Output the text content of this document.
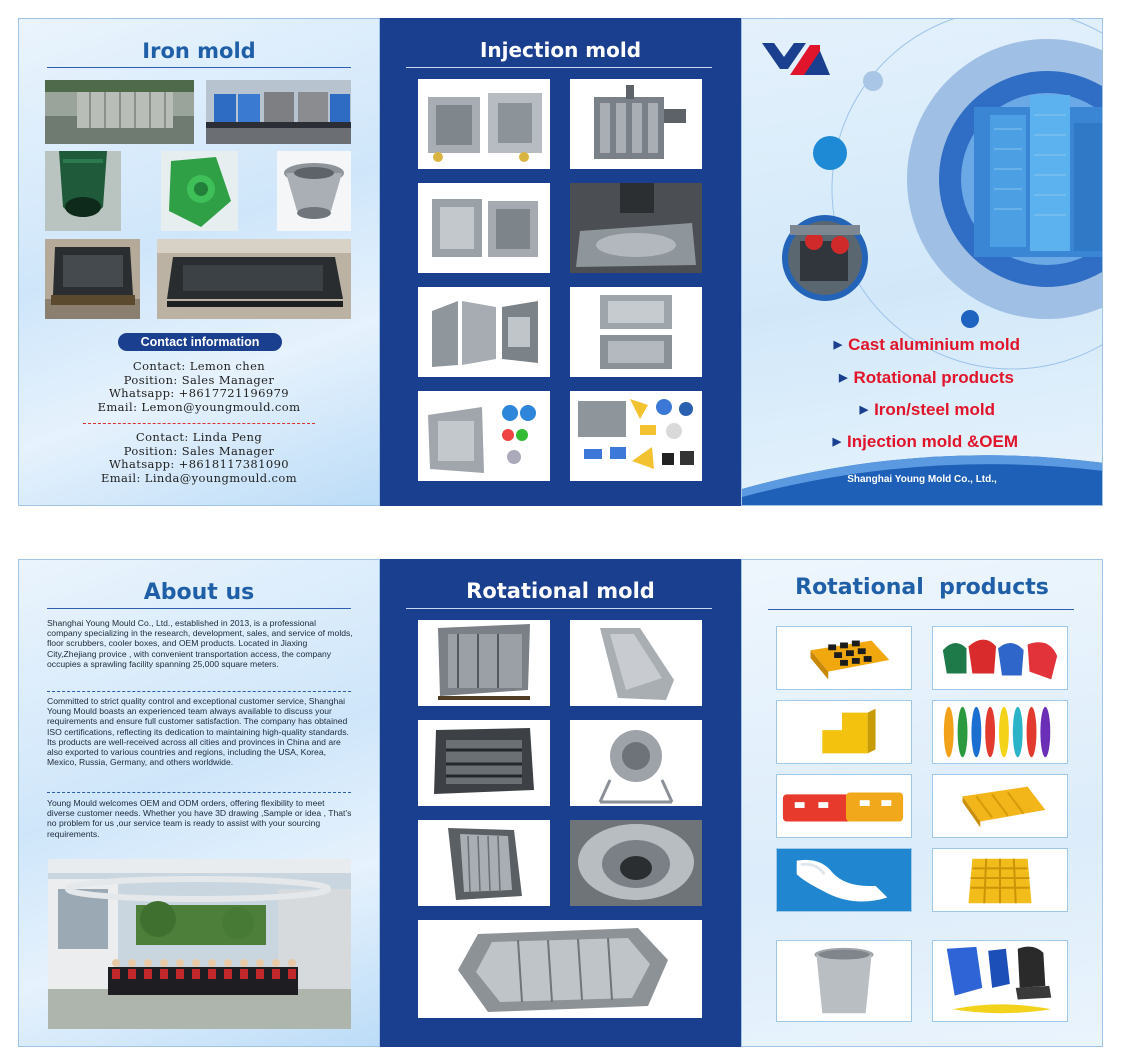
Iron mold
Contact information
Contact: Lemon chen
Position: Sales Manager
Whatsapp: +8617721196979
Email: Lemon@youngmould.com
Contact: Linda Peng
Position: Sales Manager
Whatsapp: +8618117381090
Email: Linda@youngmould.com
Injection mold
▶ Cast aluminium mold
▶ Rotational products
▶ Iron/steel mold
▶ Injection mold &OEM
Shanghai Young Mold Co., Ltd.,
About us
Shanghai Young Mould Co., Ltd., established in 2013, is a professional company specializing in the research, development, sales, and service of molds, floor scrubbers, cooler boxes, and OEM products. Located in Jiaxing City,Zhejiang provice , with convenient transportation access, the company occupies a sprawling facility spanning 25,000 square meters.
Committed to strict quality control and exceptional customer service, Shanghai Young Mould boasts an experienced team always available to discuss your requirements and ensure full customer satisfaction. The company has obtained ISO certifications, reflecting its dedication to maintaining high-quality standards. Its products are well-received across all cities and provinces in China and are also exported to various countries and regions, including the USA, Korea, Mexico, Russia, Germany, and others worldwide.
Young Mould welcomes OEM and ODM orders, offering flexibility to meet diverse customer needs. Whether you have 3D drawing ,Sample or idea , That’s no problem for us ,our service team is ready to assist with your sourcing requirements.
Rotational mold	Rotational  products
